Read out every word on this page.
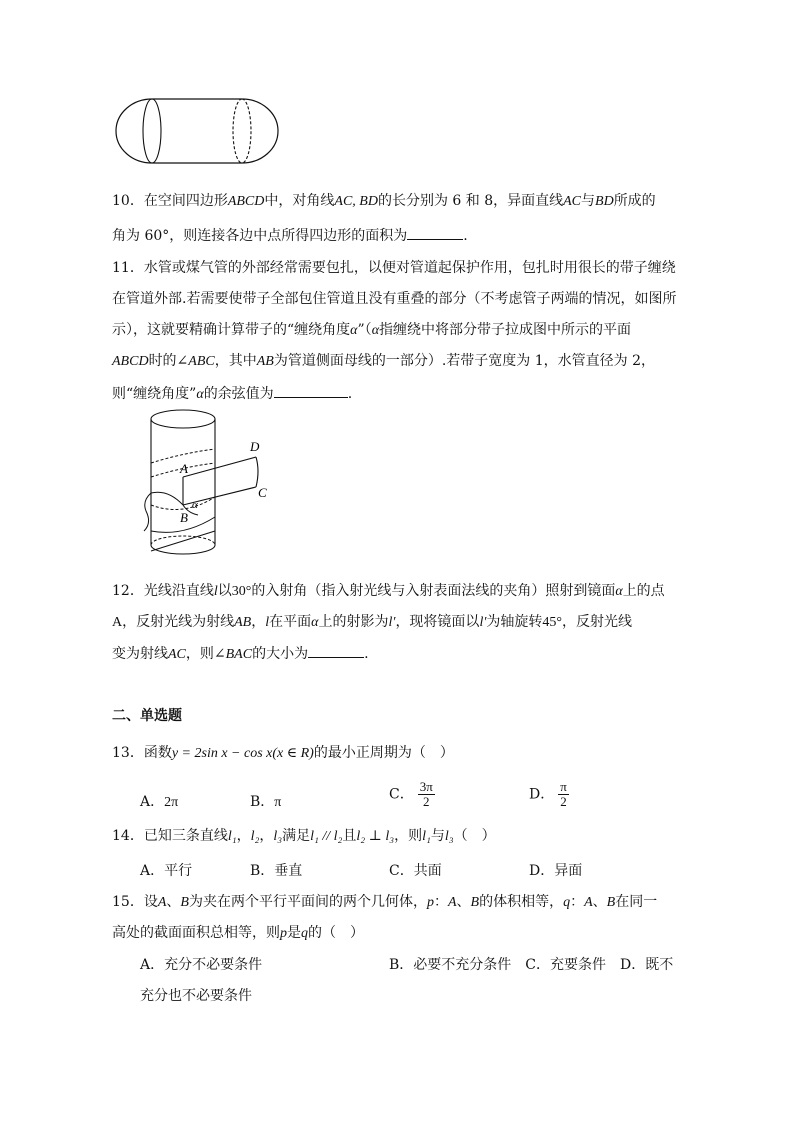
10．在空间四边形ABCD中，对角线AC, BD的长分别为 6 和 8，异面直线AC与BD所成的
角为 60°，则连接各边中点所得四边形的面积为	.
11．水管或煤气管的外部经常需要包扎，以便对管道起保护作用，包扎时用很长的带子缠绕
在管道外部.若需要使带子全部包住管道且没有重叠的部分（不考虑管子两端的情况，如图所
示），这就要精确计算带子的“缠绕角度α”（α指缠绕中将部分带子拉成图中所示的平面
ABCD时的∠ABC，其中AB为管道侧面母线的一部分）.若带子宽度为 1，水管直径为 2，
则“缠绕角度”α的余弦值为	.
D
A
C
α
B
12．光线沿直线l以30°的入射角（指入射光线与入射表面法线的夹角）照射到镜面α上的点
A，反射光线为射线AB，l在平面α上的射影为l′，现将镜面以l′为轴旋转45°，反射光线
变为射线AC，则∠BAC的大小为	.
二、单选题
13．函数y = 2sin x − cos x(x ∈ R)的最小正周期为（　）
A．2π	B．π	C． $\frac{3\pi}{2}$	D． $\frac{\pi}{2}$
14．已知三条直线l₁，l₂，l₃满足l₁ // l₂且l₂ ⊥ l₃，则l₁与l₃（　）
A．平行	B．垂直	C．共面	D．异面
15．设A、B为夹在两个平行平面间的两个几何体，p：A、B的体积相等，q：A、B在同一
高处的截面面积总相等，则p是q的（　）
A．充分不必要条件	B．必要不充分条件　C．充要条件　D．既不
充分也不必要条件
